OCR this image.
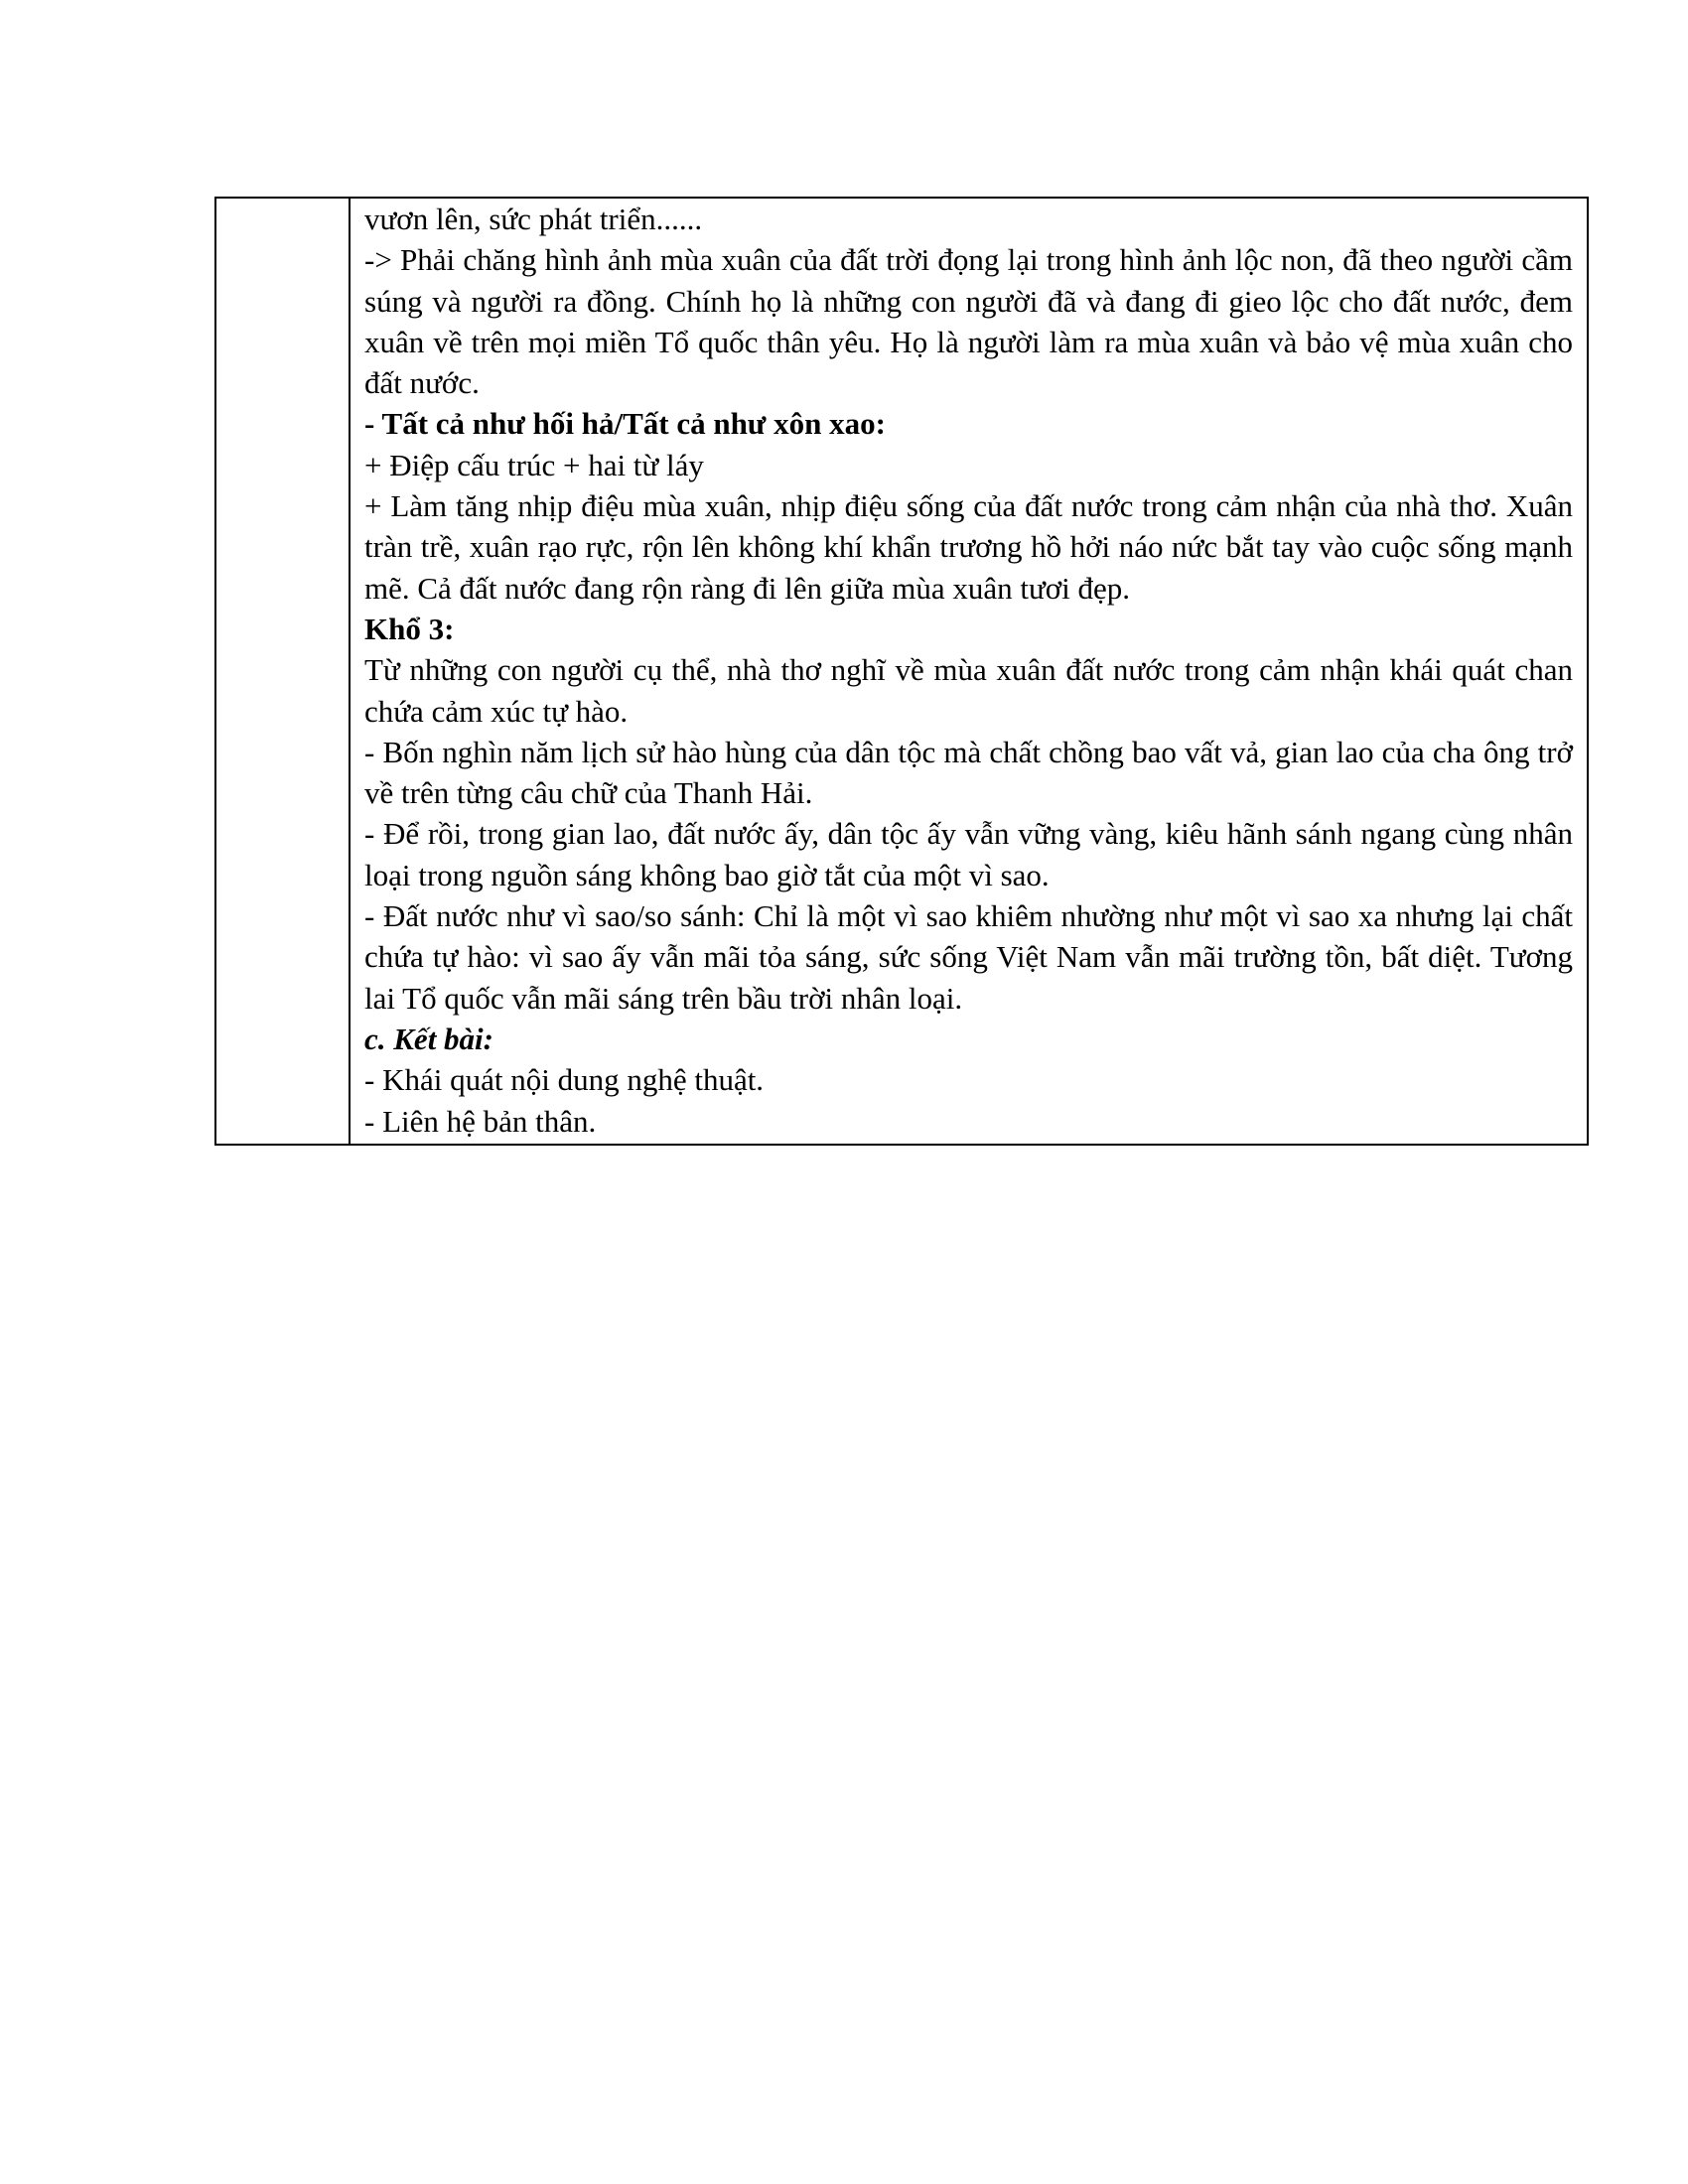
vươn lên, sức phát triển......
-> Phải chăng hình ảnh mùa xuân của đất trời đọng lại trong hình ảnh lộc non, đã theo người cầm súng và người ra đồng. Chính họ là những con người đã và đang đi gieo lộc cho đất nước, đem xuân về trên mọi miền Tổ quốc thân yêu. Họ là người làm ra mùa xuân và bảo vệ mùa xuân cho đất nước.
- Tất cả như hối hả/Tất cả như xôn xao:
+ Điệp cấu trúc + hai từ láy
+ Làm tăng nhịp điệu mùa xuân, nhịp điệu sống của đất nước trong cảm nhận của nhà thơ. Xuân tràn trề, xuân rạo rực, rộn lên không khí khẩn trương hồ hởi náo nức bắt tay vào cuộc sống mạnh mẽ. Cả đất nước đang rộn ràng đi lên giữa mùa xuân tươi đẹp.
Khổ 3:
Từ những con người cụ thể, nhà thơ nghĩ về mùa xuân đất nước trong cảm nhận khái quát chan chứa cảm xúc tự hào.
- Bốn nghìn năm lịch sử hào hùng của dân tộc mà chất chồng bao vất vả, gian lao của cha ông trở về trên từng câu chữ của Thanh Hải.
- Để rồi, trong gian lao, đất nước ấy, dân tộc ấy vẫn vững vàng, kiêu hãnh sánh ngang cùng nhân loại trong nguồn sáng không bao giờ tắt của một vì sao.
- Đất nước như vì sao/so sánh: Chỉ là một vì sao khiêm nhường như một vì sao xa nhưng lại chất chứa tự hào: vì sao ấy vẫn mãi tỏa sáng, sức sống Việt Nam vẫn mãi trường tồn, bất diệt. Tương lai Tổ quốc vẫn mãi sáng trên bầu trời nhân loại.
c. Kết bài:
- Khái quát nội dung nghệ thuật.
- Liên hệ bản thân.
